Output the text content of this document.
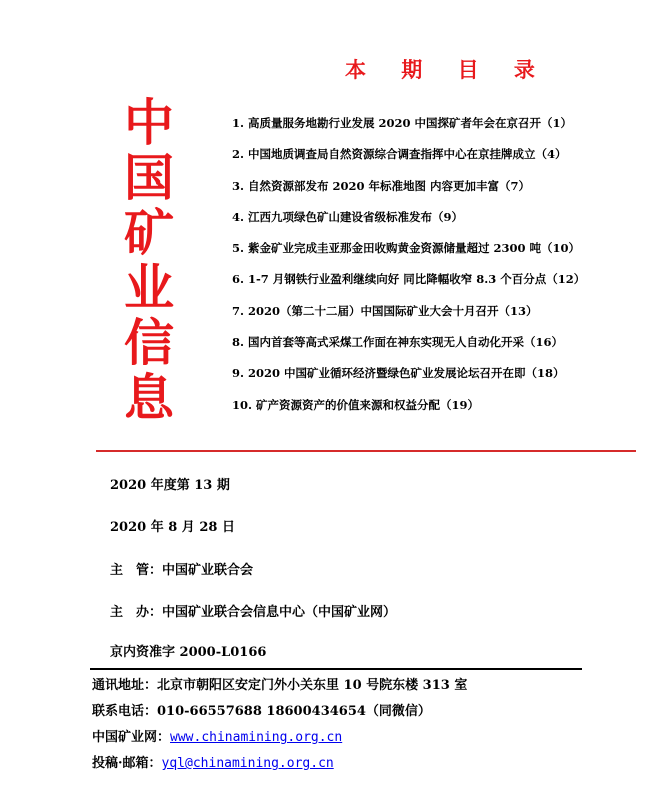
本 期 目 录
中
国
矿
业
信
息
1. 高质量服务地勘行业发展 2020 中国探矿者年会在京召开（1）
2. 中国地质调查局自然资源综合调查指挥中心在京挂牌成立（4）
3. 自然资源部发布 2020 年标准地图 内容更加丰富（7）
4. 江西九项绿色矿山建设省级标准发布（9）
5. 紫金矿业完成圭亚那金田收购黄金资源储量超过 2300 吨（10）
6. 1-7 月钢铁行业盈利继续向好 同比降幅收窄 8.3 个百分点（12）
7. 2020（第二十二届）中国国际矿业大会十月召开（13）
8. 国内首套等高式采煤工作面在神东实现无人自动化开采（16）
9. 2020 中国矿业循环经济暨绿色矿业发展论坛召开在即（18）
10. 矿产资源资产的价值来源和权益分配（19）
2020 年度第 13 期
2020 年 8 月 28 日
主　管：中国矿业联合会
主　办：中国矿业联合会信息中心（中国矿业网）
京内资准字 2000-L0166
通讯地址：北京市朝阳区安定门外小关东里 10 号院东楼 313 室
联系电话：010-66557688 18600434654（同微信）
中国矿业网：www.chinamining.org.cn
投稿·邮箱：yql@chinamining.org.cn
